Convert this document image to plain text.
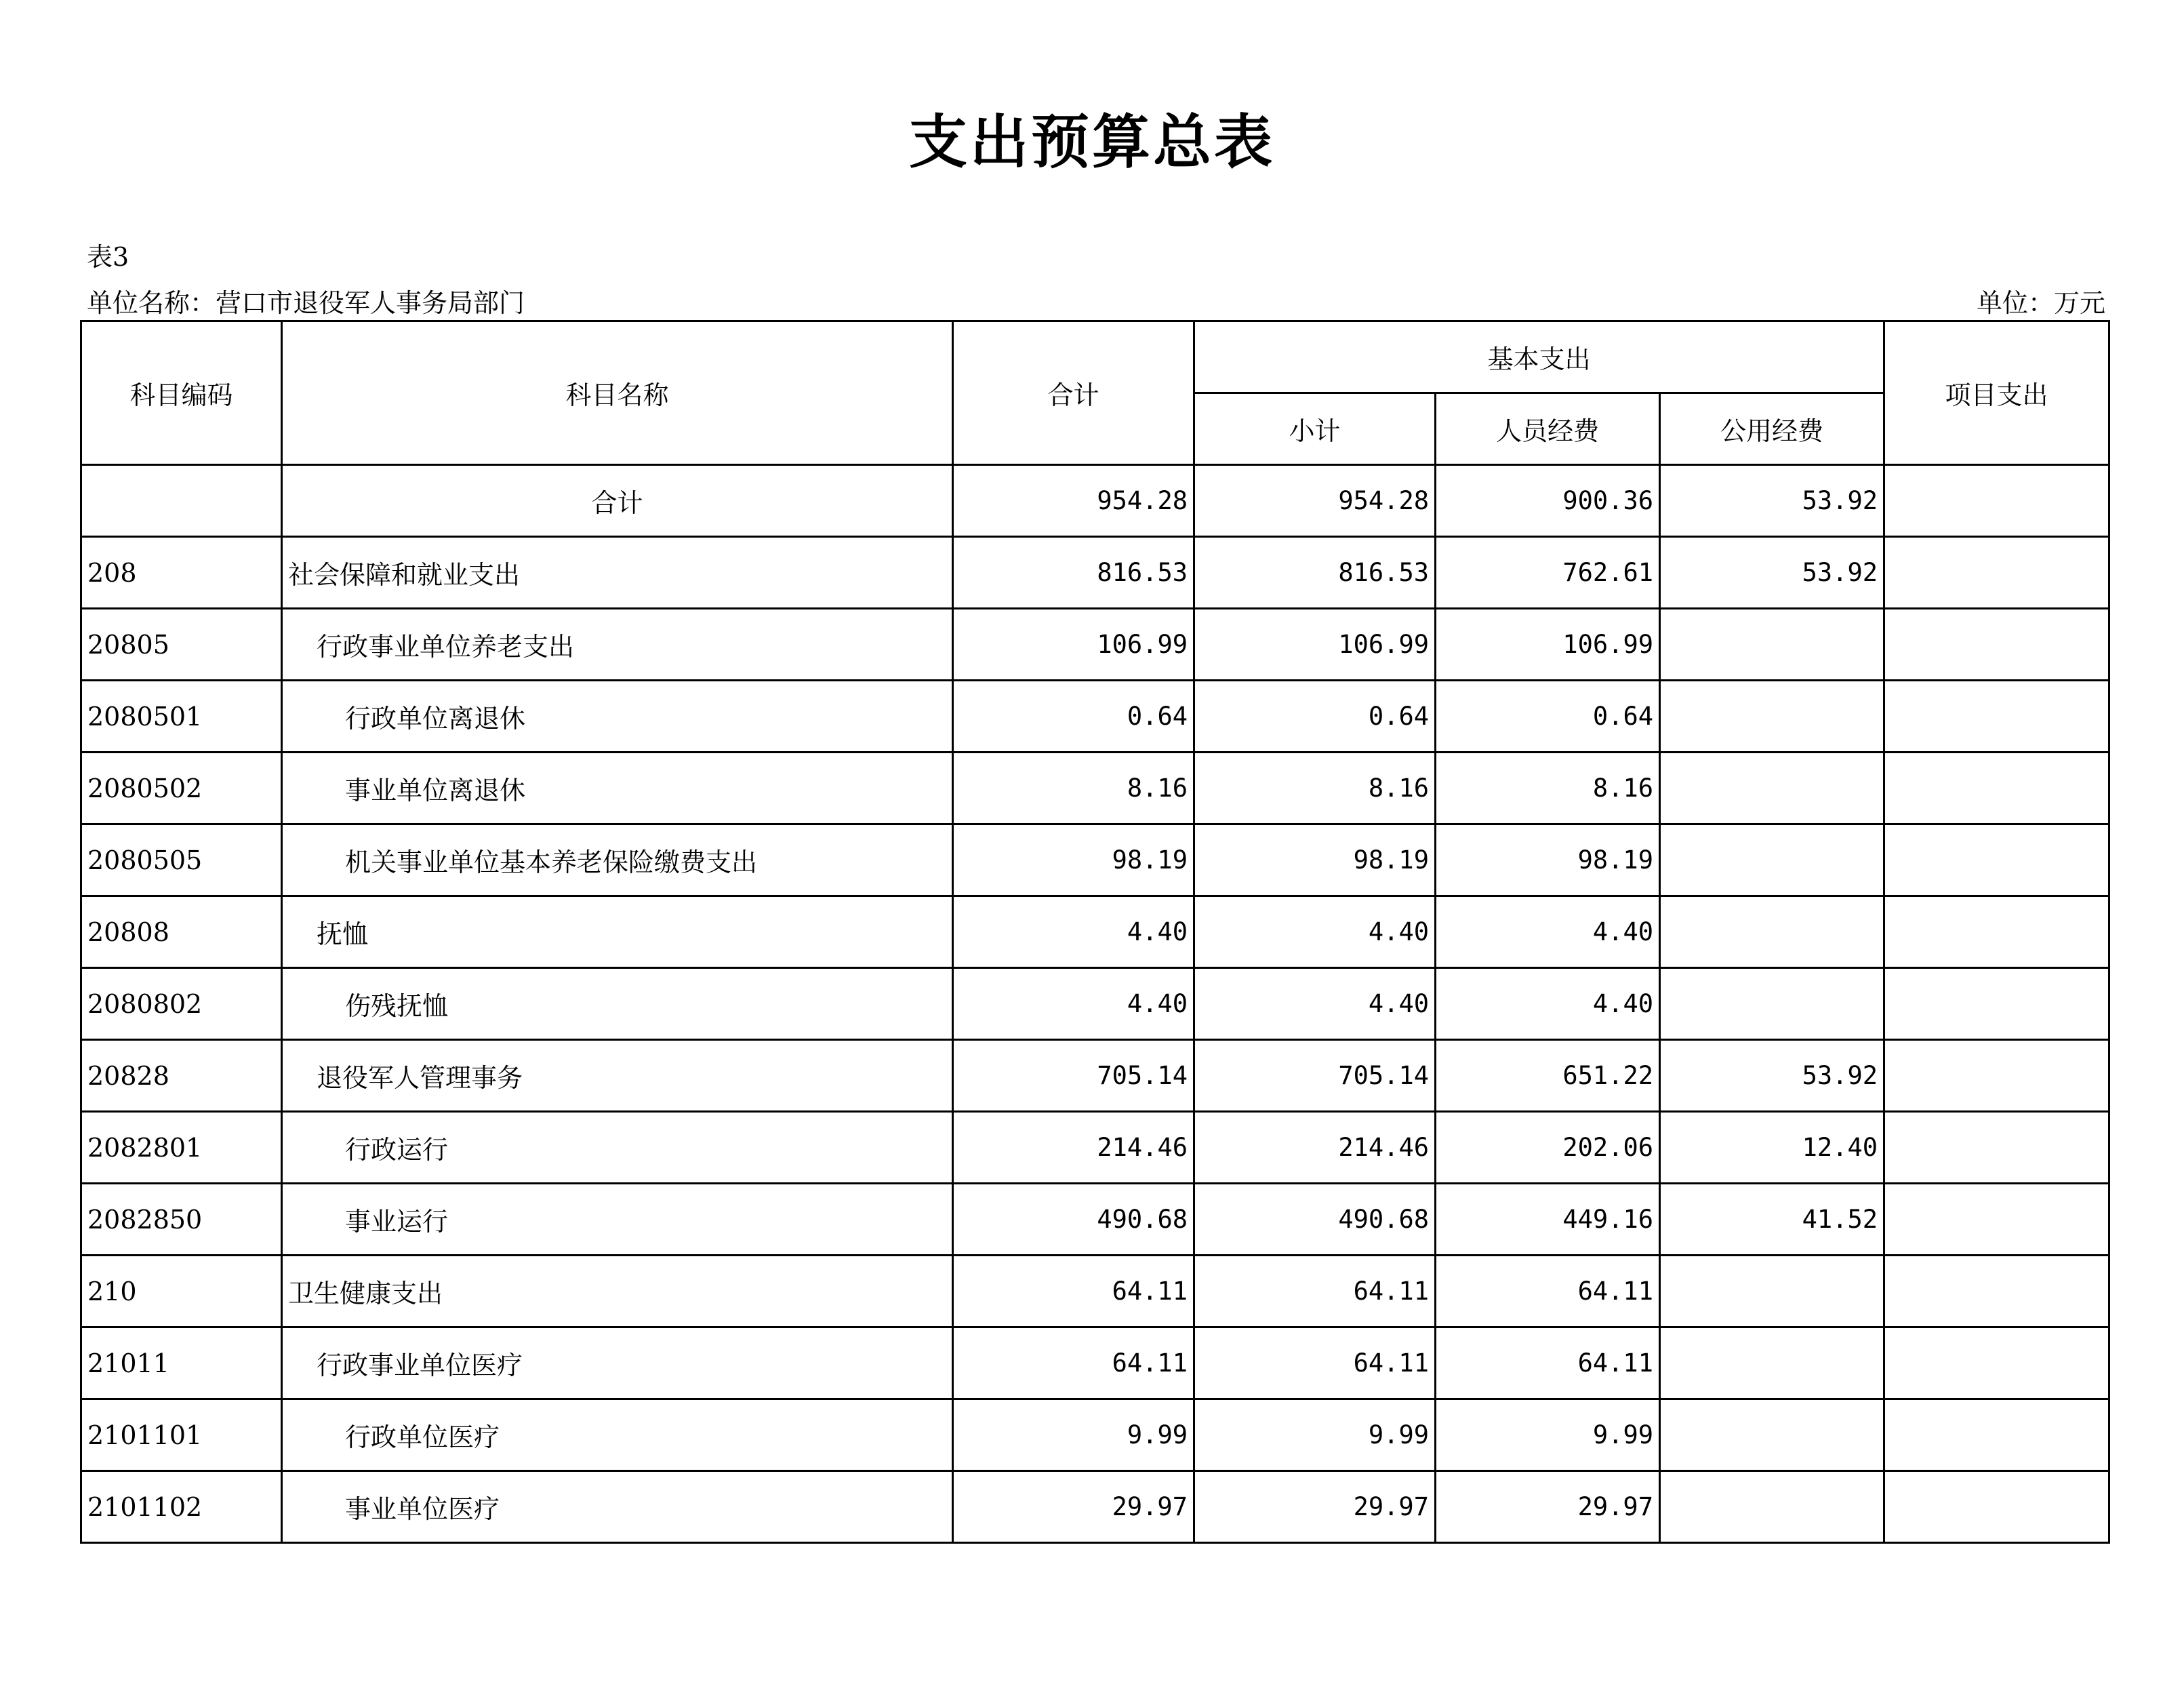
支出预算总表
表3
单位名称：营口市退役军人事务局部门	单位：万元
科目编码	科目名称	合计	基本支出			项目支出
			小计	人员经费	公用经费	
	合计	954.28	954.28	900.36	53.92	
208	社会保障和就业支出	816.53	816.53	762.61	53.92	
20805	行政事业单位养老支出	106.99	106.99	106.99		
2080501	行政单位离退休	0.64	0.64	0.64		
2080502	事业单位离退休	8.16	8.16	8.16		
2080505	机关事业单位基本养老保险缴费支出	98.19	98.19	98.19		
20808	抚恤	4.40	4.40	4.40		
2080802	伤残抚恤	4.40	4.40	4.40		
20828	退役军人管理事务	705.14	705.14	651.22	53.92	
2082801	行政运行	214.46	214.46	202.06	12.40	
2082850	事业运行	490.68	490.68	449.16	41.52	
210	卫生健康支出	64.11	64.11	64.11		
21011	行政事业单位医疗	64.11	64.11	64.11		
2101101	行政单位医疗	9.99	9.99	9.99		
2101102	事业单位医疗	29.97	29.97	29.97		
